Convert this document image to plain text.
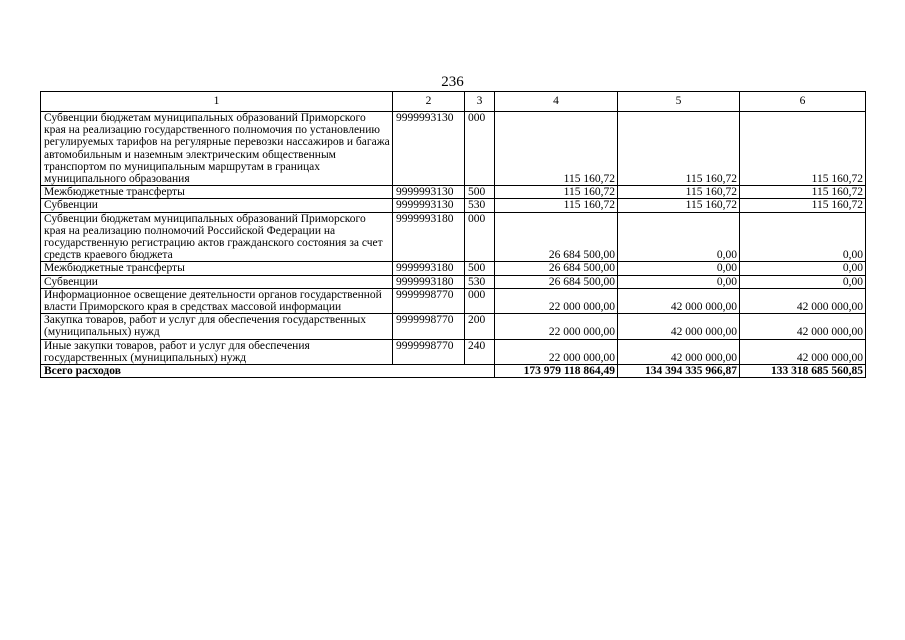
236
1	2	3	4	5	6
Субвенции бюджетам муниципальных образований Приморского края на реализацию государственного полномочия по установлению регулируемых тарифов на регулярные перевозки нассажиров и багажа автомобильным и наземным электрическим общественным транспортом по муниципальным маршрутам в границах муниципального образования	9999993130	000	115 160,72	115 160,72	115 160,72
Межбюджетные трансферты	9999993130	500	115 160,72	115 160,72	115 160,72
Субвенции	9999993130	530	115 160,72	115 160,72	115 160,72
Субвенции бюджетам муниципальных образований Приморского края на реализацию полномочий Российской Федерации на государственную регистрацию актов гражданского состояния за счет средств краевого бюджета	9999993180	000	26 684 500,00	0,00	0,00
Межбюджетные трансферты	9999993180	500	26 684 500,00	0,00	0,00
Субвенции	9999993180	530	26 684 500,00	0,00	0,00
Информационное освещение деятельности органов государственной власти Приморского края в средствах массовой информации	9999998770	000	22 000 000,00	42 000 000,00	42 000 000,00
Закупка товаров, работ и услуг для обеспечения государственных (муниципальных) нужд	9999998770	200	22 000 000,00	42 000 000,00	42 000 000,00
Иные закупки товаров, работ и услуг для обеспечения государственных (муниципальных) нужд	9999998770	240	22 000 000,00	42 000 000,00	42 000 000,00
Всего расходов			173 979 118 864,49	134 394 335 966,87	133 318 685 560,85
